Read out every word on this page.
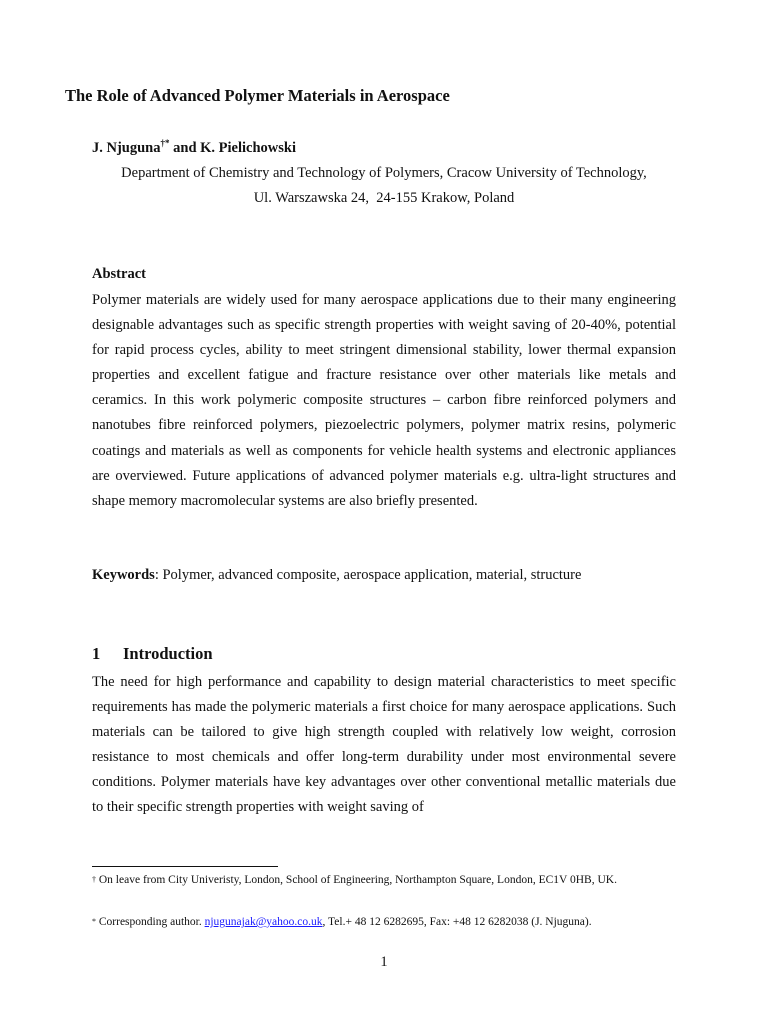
The Role of Advanced Polymer Materials in Aerospace
J. Njuguna†* and K. Pielichowski
Department of Chemistry and Technology of Polymers, Cracow University of Technology,
Ul. Warszawska 24,  24-155 Krakow, Poland
Abstract

Polymer materials are widely used for many aerospace applications due to their many engineering designable advantages such as specific strength properties with weight saving of 20-40%, potential for rapid process cycles, ability to meet stringent dimensional stability, lower thermal expansion properties and excellent fatigue and fracture resistance over other materials like metals and ceramics. In this work polymeric composite structures – carbon fibre reinforced polymers and nanotubes fibre reinforced polymers, piezoelectric polymers, polymer matrix resins, polymeric coatings and materials as well as components for vehicle health systems and electronic appliances are overviewed. Future applications of advanced polymer materials e.g. ultra-light structures and shape memory macromolecular systems are also briefly presented.

Keywords: Polymer, advanced composite, aerospace application, material, structure
1 Introduction

The need for high performance and capability to design material characteristics to meet specific requirements has made the polymeric materials a first choice for many aerospace applications. Such materials can be tailored to give high strength coupled with relatively low weight, corrosion resistance to most chemicals and offer long-term durability under most environmental severe conditions. Polymer materials have key advantages over other conventional metallic materials due to their specific strength properties with weight saving of

† On leave from City Univeristy, London, School of Engineering, Northampton Square, London, EC1V 0HB, UK.

* Corresponding author. njugunajak@yahoo.co.uk, Tel.+ 48 12 6282695, Fax: +48 12 6282038 (J. Njuguna).

1
